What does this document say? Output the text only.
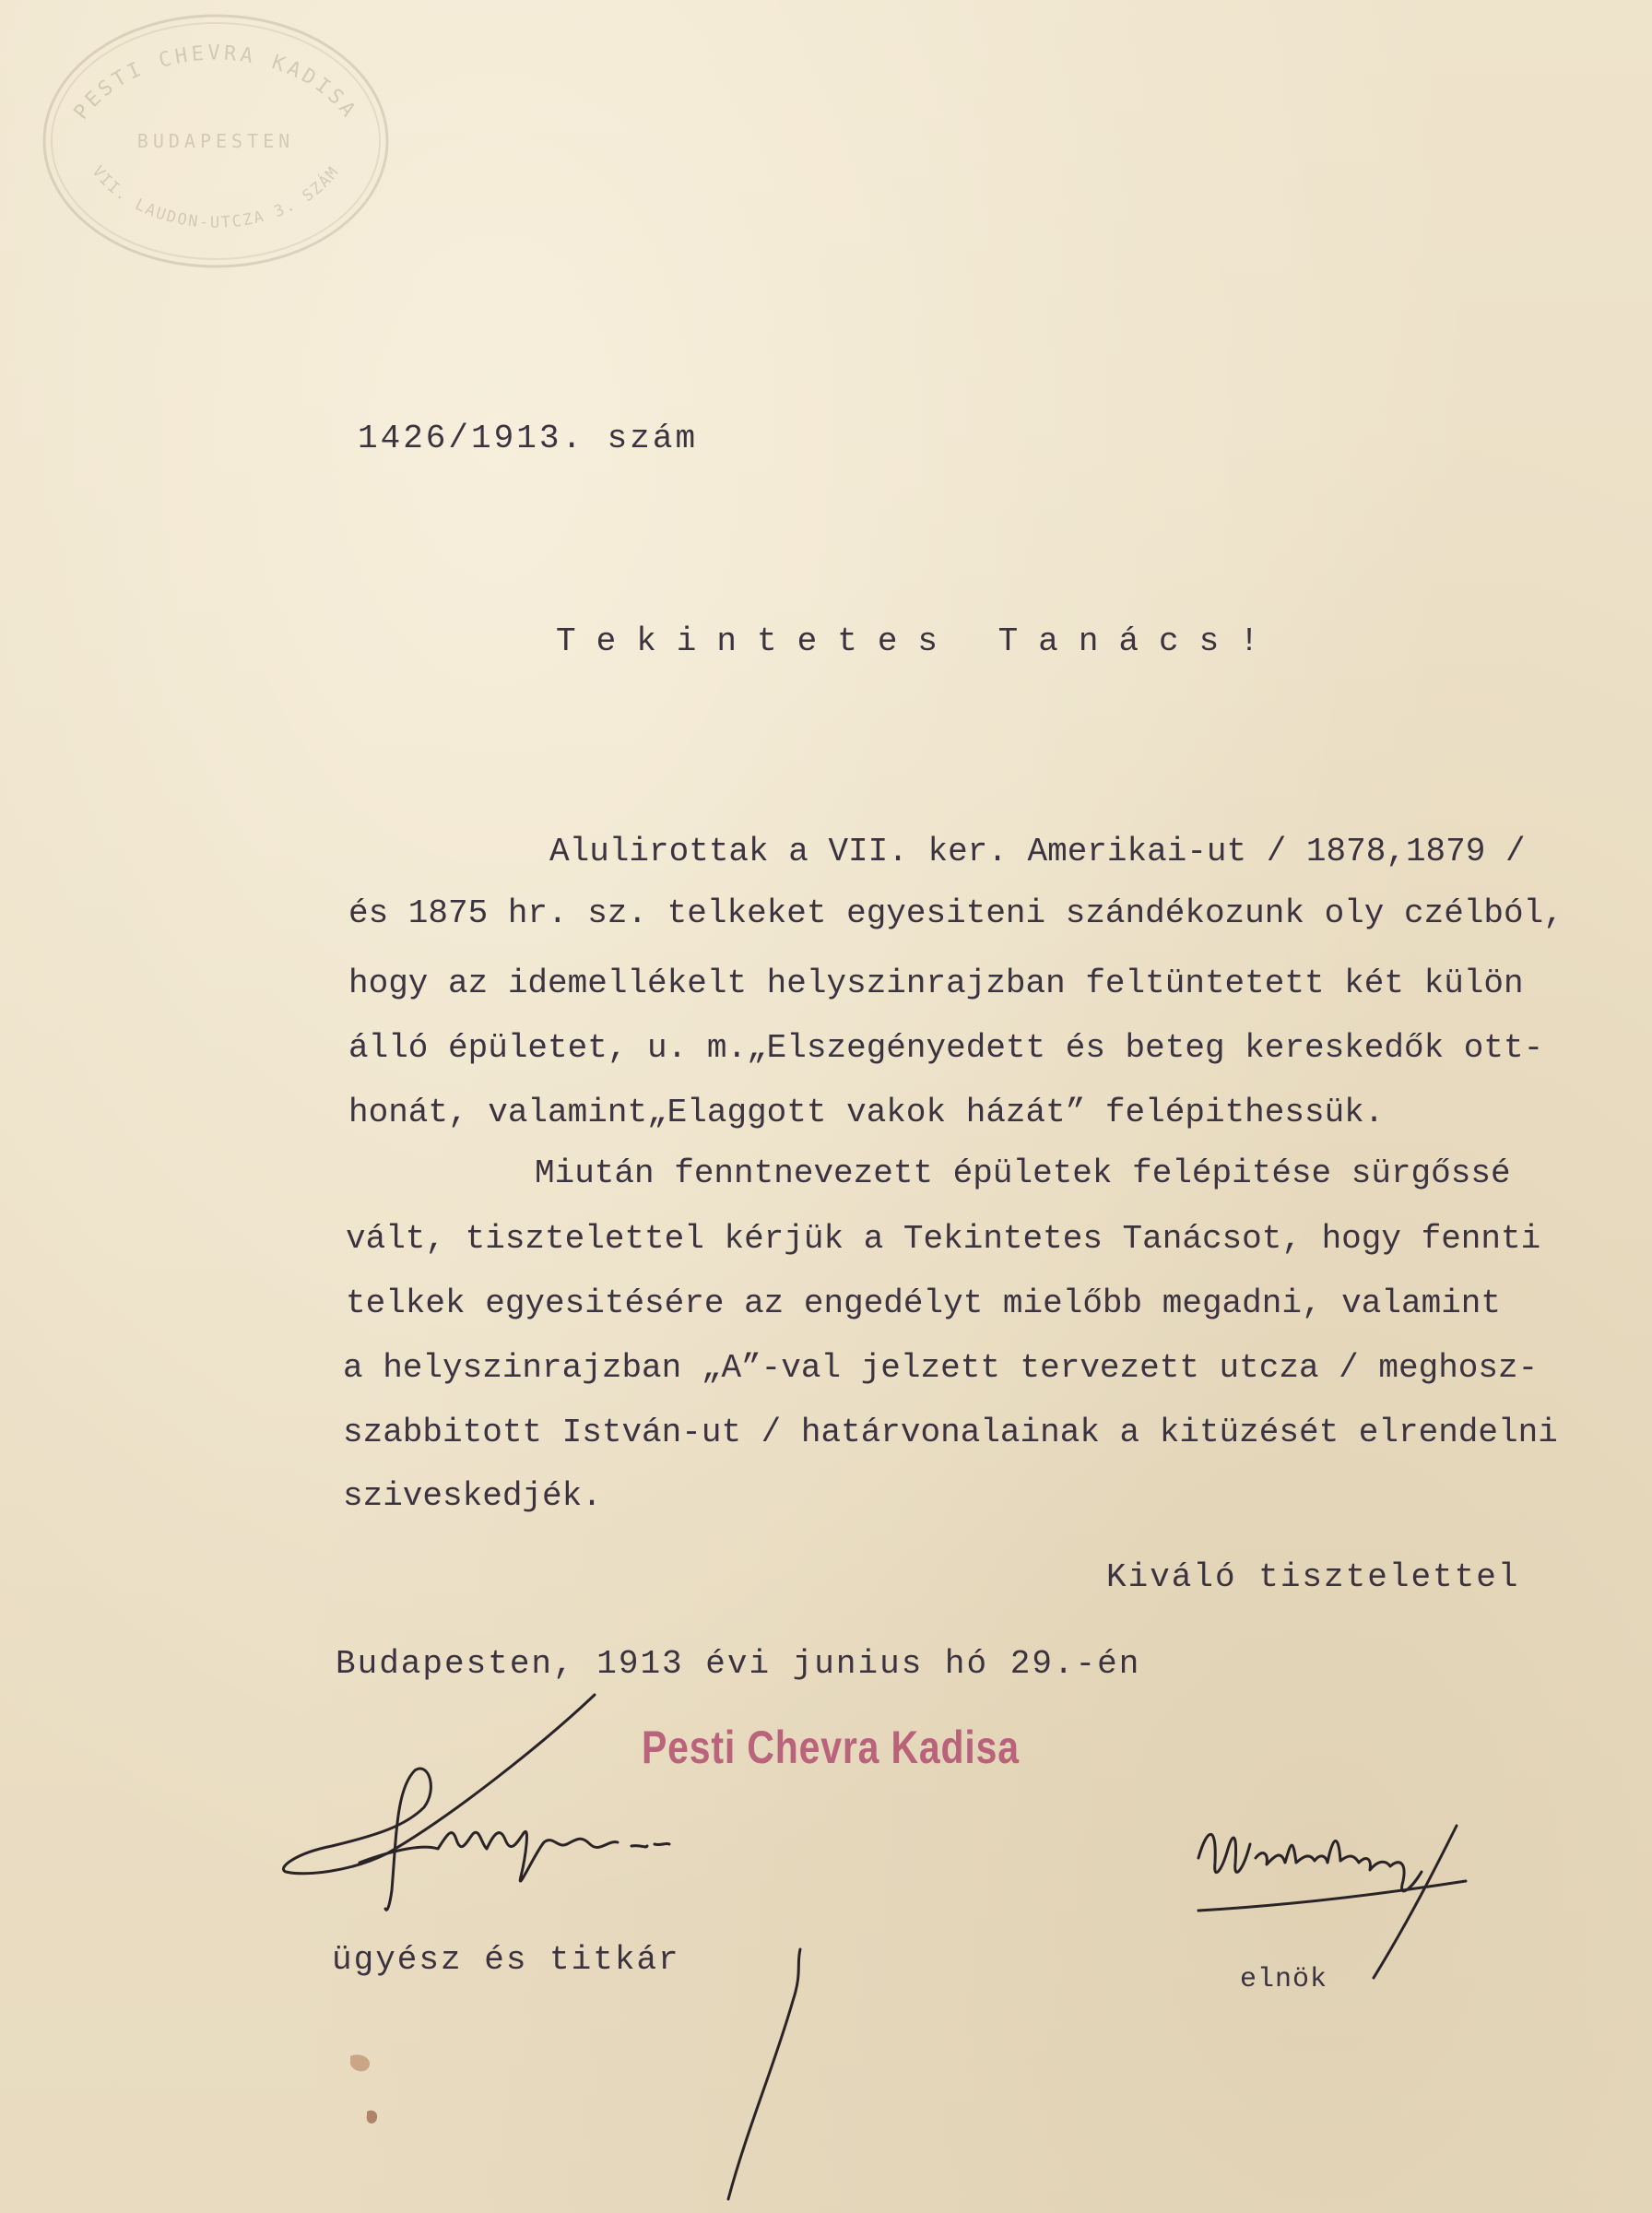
PESTI CHEVRA KADISA
BUDAPESTEN
VII. LAUDON-UTCZA 3. SZÁM

1426/1913. szám

Tekintetes Tanács!

Alulirottak a VII. ker. Amerikai-ut / 1878,1879 /

és 1875 hr. sz. telkeket egyesiteni szándékozunk oly czélból,

hogy az idemellékelt helyszinrajzban feltüntetett két külön

álló épületet, u. m.„Elszegényedett és beteg kereskedők ott-

honát, valamint„Elaggott vakok házát” felépithessük.

Miután fenntnevezett épületek felépitése sürgőssé

vált, tisztelettel kérjük a Tekintetes Tanácsot, hogy fennti

telkek egyesitésére az engedélyt mielőbb megadni, valamint

a helyszinrajzban „A”-val jelzett tervezett utcza / meghosz-

szabbitott István-ut / határvonalainak a kitüzését elrendelni

sziveskedjék.

Kiváló tisztelettel

Budapesten, 1913 évi junius hó 29.-én

Pesti Chevra Kadisa

ügyész és titkár

elnök
